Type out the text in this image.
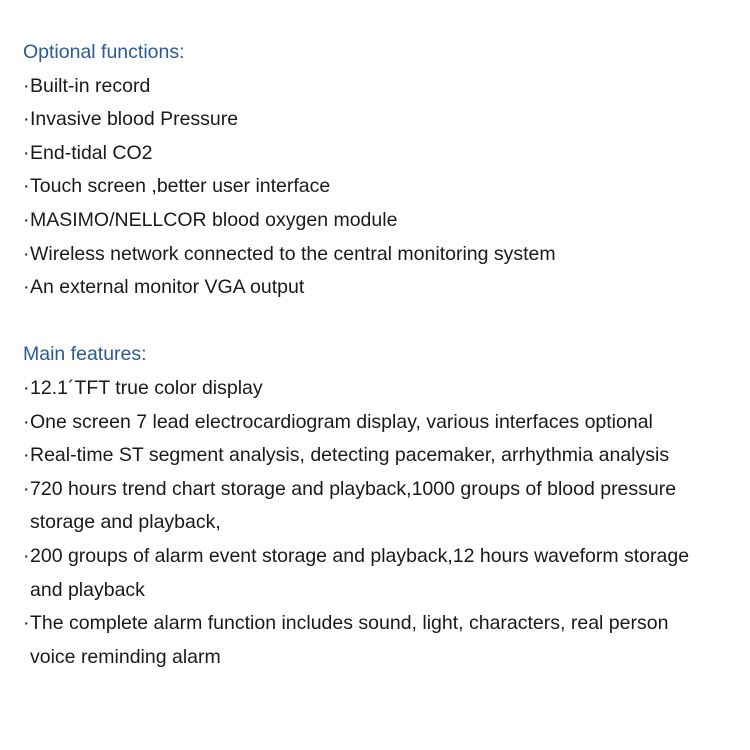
Optional functions:
· Built-in record
· Invasive blood Pressure
· End-tidal CO2
· Touch screen ,better user interface
· MASIMO/NELLCOR blood oxygen module
· Wireless network connected to the central monitoring system
· An external monitor VGA output
Main features:
· 12.1´TFT true color display
· One screen 7 lead electrocardiogram display, various interfaces optional
· Real-time ST segment analysis, detecting pacemaker, arrhythmia analysis
· 720 hours trend chart storage and playback,1000 groups of blood pressure
storage and playback,
· 200 groups of alarm event storage and playback,12 hours waveform storage
and playback
· The complete alarm function includes sound, light, characters, real person
voice reminding alarm
